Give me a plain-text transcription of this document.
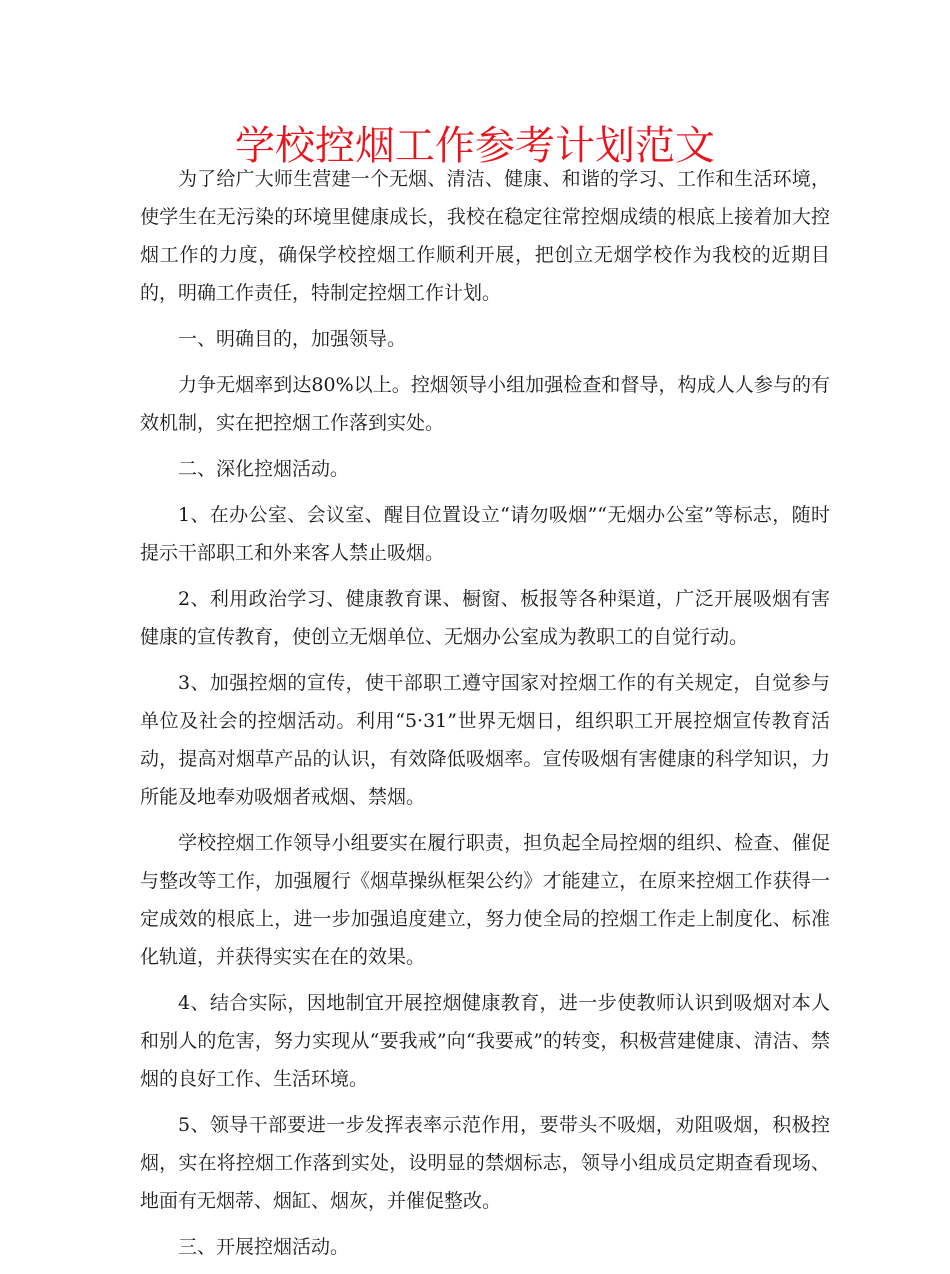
学校控烟工作参考计划范文

为了给广大师生营建一个无烟、清洁、健康、和谐的学习、工作和生活环境，使学生在无污染的环境里健康成长，我校在稳定往常控烟成绩的根底上接着加大控烟工作的力度，确保学校控烟工作顺利开展，把创立无烟学校作为我校的近期目的，明确工作责任，特制定控烟工作计划。

一、明确目的，加强领导。

力争无烟率到达80%以上。控烟领导小组加强检查和督导，构成人人参与的有效机制，实在把控烟工作落到实处。

二、深化控烟活动。

1、在办公室、会议室、醒目位置设立“请勿吸烟”“无烟办公室”等标志，随时提示干部职工和外来客人禁止吸烟。

2、利用政治学习、健康教育课、橱窗、板报等各种渠道，广泛开展吸烟有害健康的宣传教育，使创立无烟单位、无烟办公室成为教职工的自觉行动。

3、加强控烟的宣传，使干部职工遵守国家对控烟工作的有关规定，自觉参与单位及社会的控烟活动。利用“5·31”世界无烟日，组织职工开展控烟宣传教育活动，提高对烟草产品的认识，有效降低吸烟率。宣传吸烟有害健康的科学知识，力所能及地奉劝吸烟者戒烟、禁烟。

学校控烟工作领导小组要实在履行职责，担负起全局控烟的组织、检查、催促与整改等工作，加强履行《烟草操纵框架公约》才能建立，在原来控烟工作获得一定成效的根底上，进一步加强追度建立，努力使全局的控烟工作走上制度化、标准化轨道，并获得实实在在的效果。

4、结合实际，因地制宜开展控烟健康教育，进一步使教师认识到吸烟对本人和别人的危害，努力实现从“要我戒”向“我要戒”的转变，积极营建健康、清洁、禁烟的良好工作、生活环境。

5、领导干部要进一步发挥表率示范作用，要带头不吸烟，劝阻吸烟，积极控烟，实在将控烟工作落到实处，设明显的禁烟标志，领导小组成员定期查看现场、地面有无烟蒂、烟缸、烟灰，并催促整改。

三、开展控烟活动。
